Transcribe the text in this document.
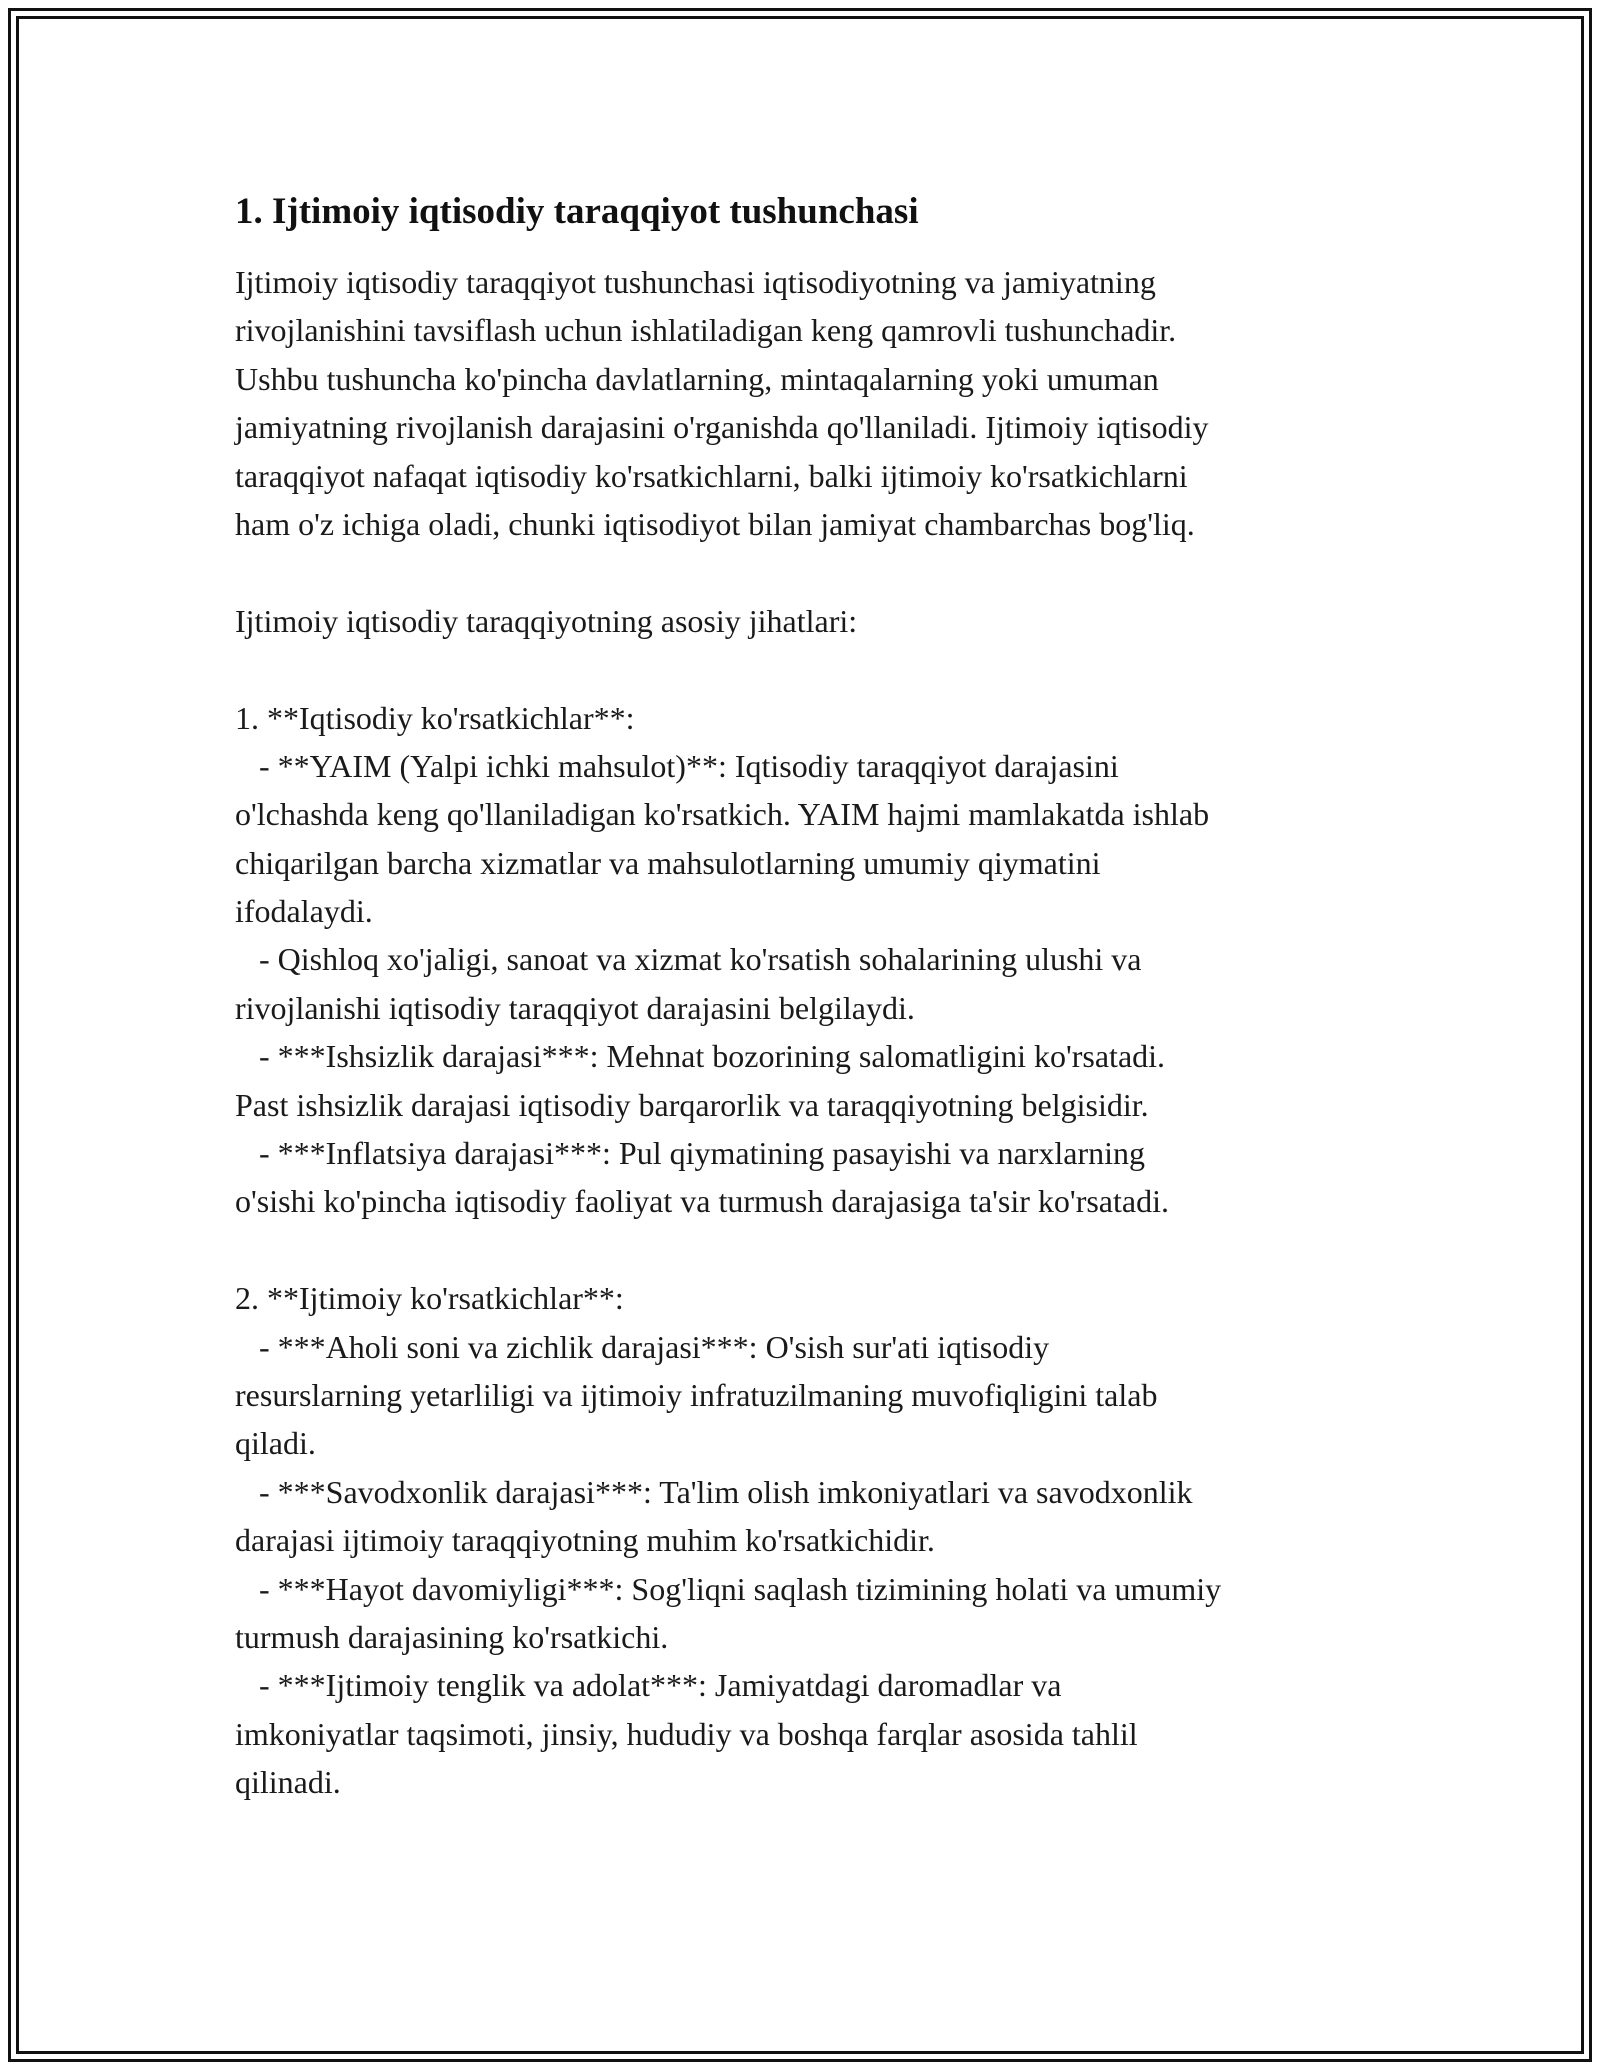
1. Ijtimoiy iqtisodiy taraqqiyot tushunchasi
Ijtimoiy iqtisodiy taraqqiyot tushunchasi iqtisodiyotning va jamiyatning
rivojlanishini tavsiflash uchun ishlatiladigan keng qamrovli tushunchadir.
Ushbu tushuncha ko'pincha davlatlarning, mintaqalarning yoki umuman
jamiyatning rivojlanish darajasini o'rganishda qo'llaniladi. Ijtimoiy iqtisodiy
taraqqiyot nafaqat iqtisodiy ko'rsatkichlarni, balki ijtimoiy ko'rsatkichlarni
ham o'z ichiga oladi, chunki iqtisodiyot bilan jamiyat chambarchas bog'liq.
Ijtimoiy iqtisodiy taraqqiyotning asosiy jihatlari:
1. **Iqtisodiy ko'rsatkichlar**:
- **YAIM (Yalpi ichki mahsulot)**: Iqtisodiy taraqqiyot darajasini
o'lchashda keng qo'llaniladigan ko'rsatkich. YAIM hajmi mamlakatda ishlab
chiqarilgan barcha xizmatlar va mahsulotlarning umumiy qiymatini
ifodalaydi.
- Qishloq xo'jaligi, sanoat va xizmat ko'rsatish sohalarining ulushi va
rivojlanishi iqtisodiy taraqqiyot darajasini belgilaydi.
- ***Ishsizlik darajasi***: Mehnat bozorining salomatligini ko'rsatadi.
Past ishsizlik darajasi iqtisodiy barqarorlik va taraqqiyotning belgisidir.
- ***Inflatsiya darajasi***: Pul qiymatining pasayishi va narxlarning
o'sishi ko'pincha iqtisodiy faoliyat va turmush darajasiga ta'sir ko'rsatadi.
2. **Ijtimoiy ko'rsatkichlar**:
- ***Aholi soni va zichlik darajasi***: O'sish sur'ati iqtisodiy
resurslarning yetarliligi va ijtimoiy infratuzilmaning muvofiqligini talab
qiladi.
- ***Savodxonlik darajasi***: Ta'lim olish imkoniyatlari va savodxonlik
darajasi ijtimoiy taraqqiyotning muhim ko'rsatkichidir.
- ***Hayot davomiyligi***: Sog'liqni saqlash tizimining holati va umumiy
turmush darajasining ko'rsatkichi.
- ***Ijtimoiy tenglik va adolat***: Jamiyatdagi daromadlar va
imkoniyatlar taqsimoti, jinsiy, hududiy va boshqa farqlar asosida tahlil
qilinadi.
